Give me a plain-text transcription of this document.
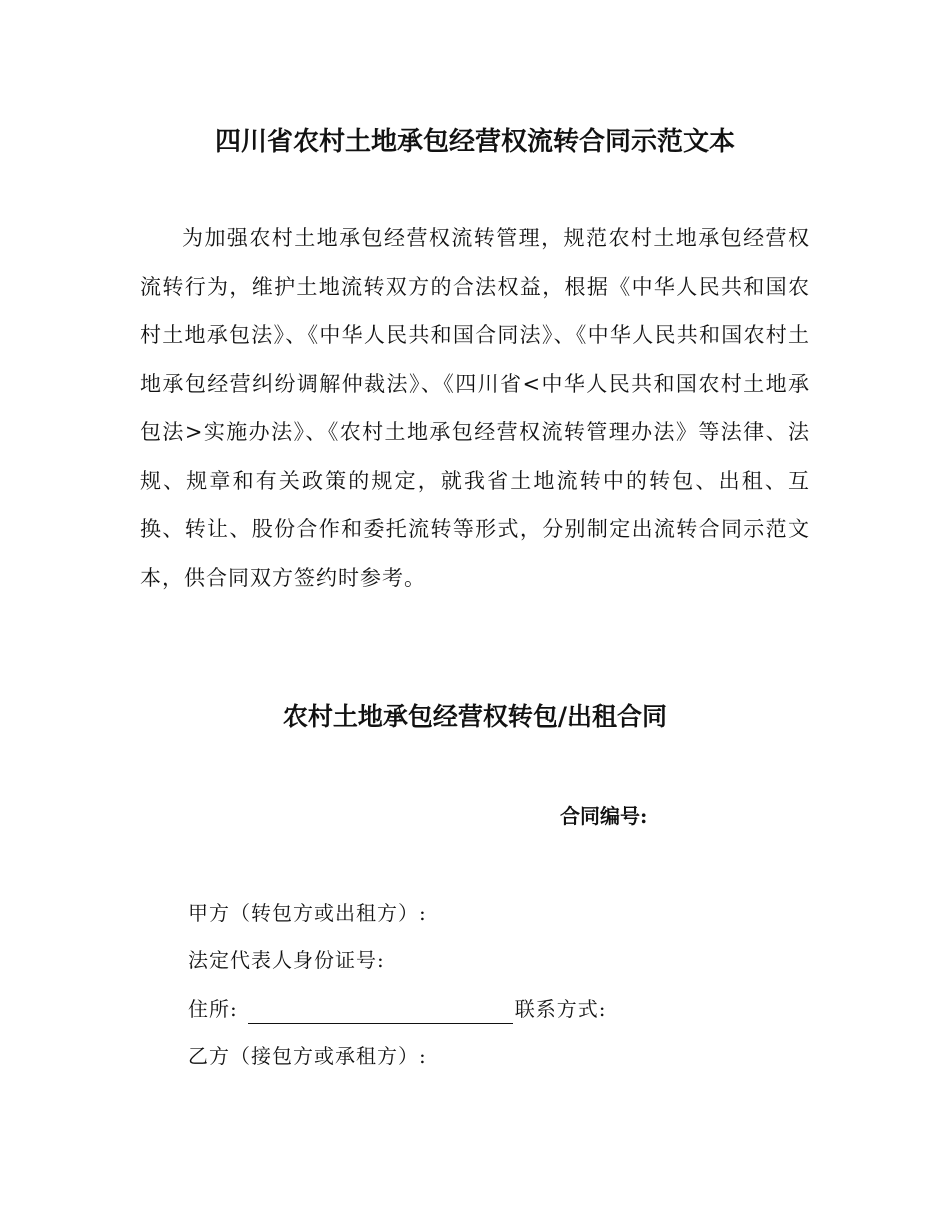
四川省农村土地承包经营权流转合同示范文本

为加强农村土地承包经营权流转管理，规范农村土地承包经营权流转行为，维护土地流转双方的合法权益，根据《中华人民共和国农村土地承包法》、《中华人民共和国合同法》、《中华人民共和国农村土地承包经营纠纷调解仲裁法》、《四川省<中华人民共和国农村土地承包法>实施办法》、《农村土地承包经营权流转管理办法》等法律、法规、规章和有关政策的规定，就我省土地流转中的转包、出租、互换、转让、股份合作和委托流转等形式，分别制定出流转合同示范文本，供合同双方签约时参考。

农村土地承包经营权转包/出租合同
合同编号:
甲方（转包方或出租方）:
法定代表人身份证号:
住所:	联系方式:
乙方（接包方或承租方）:
